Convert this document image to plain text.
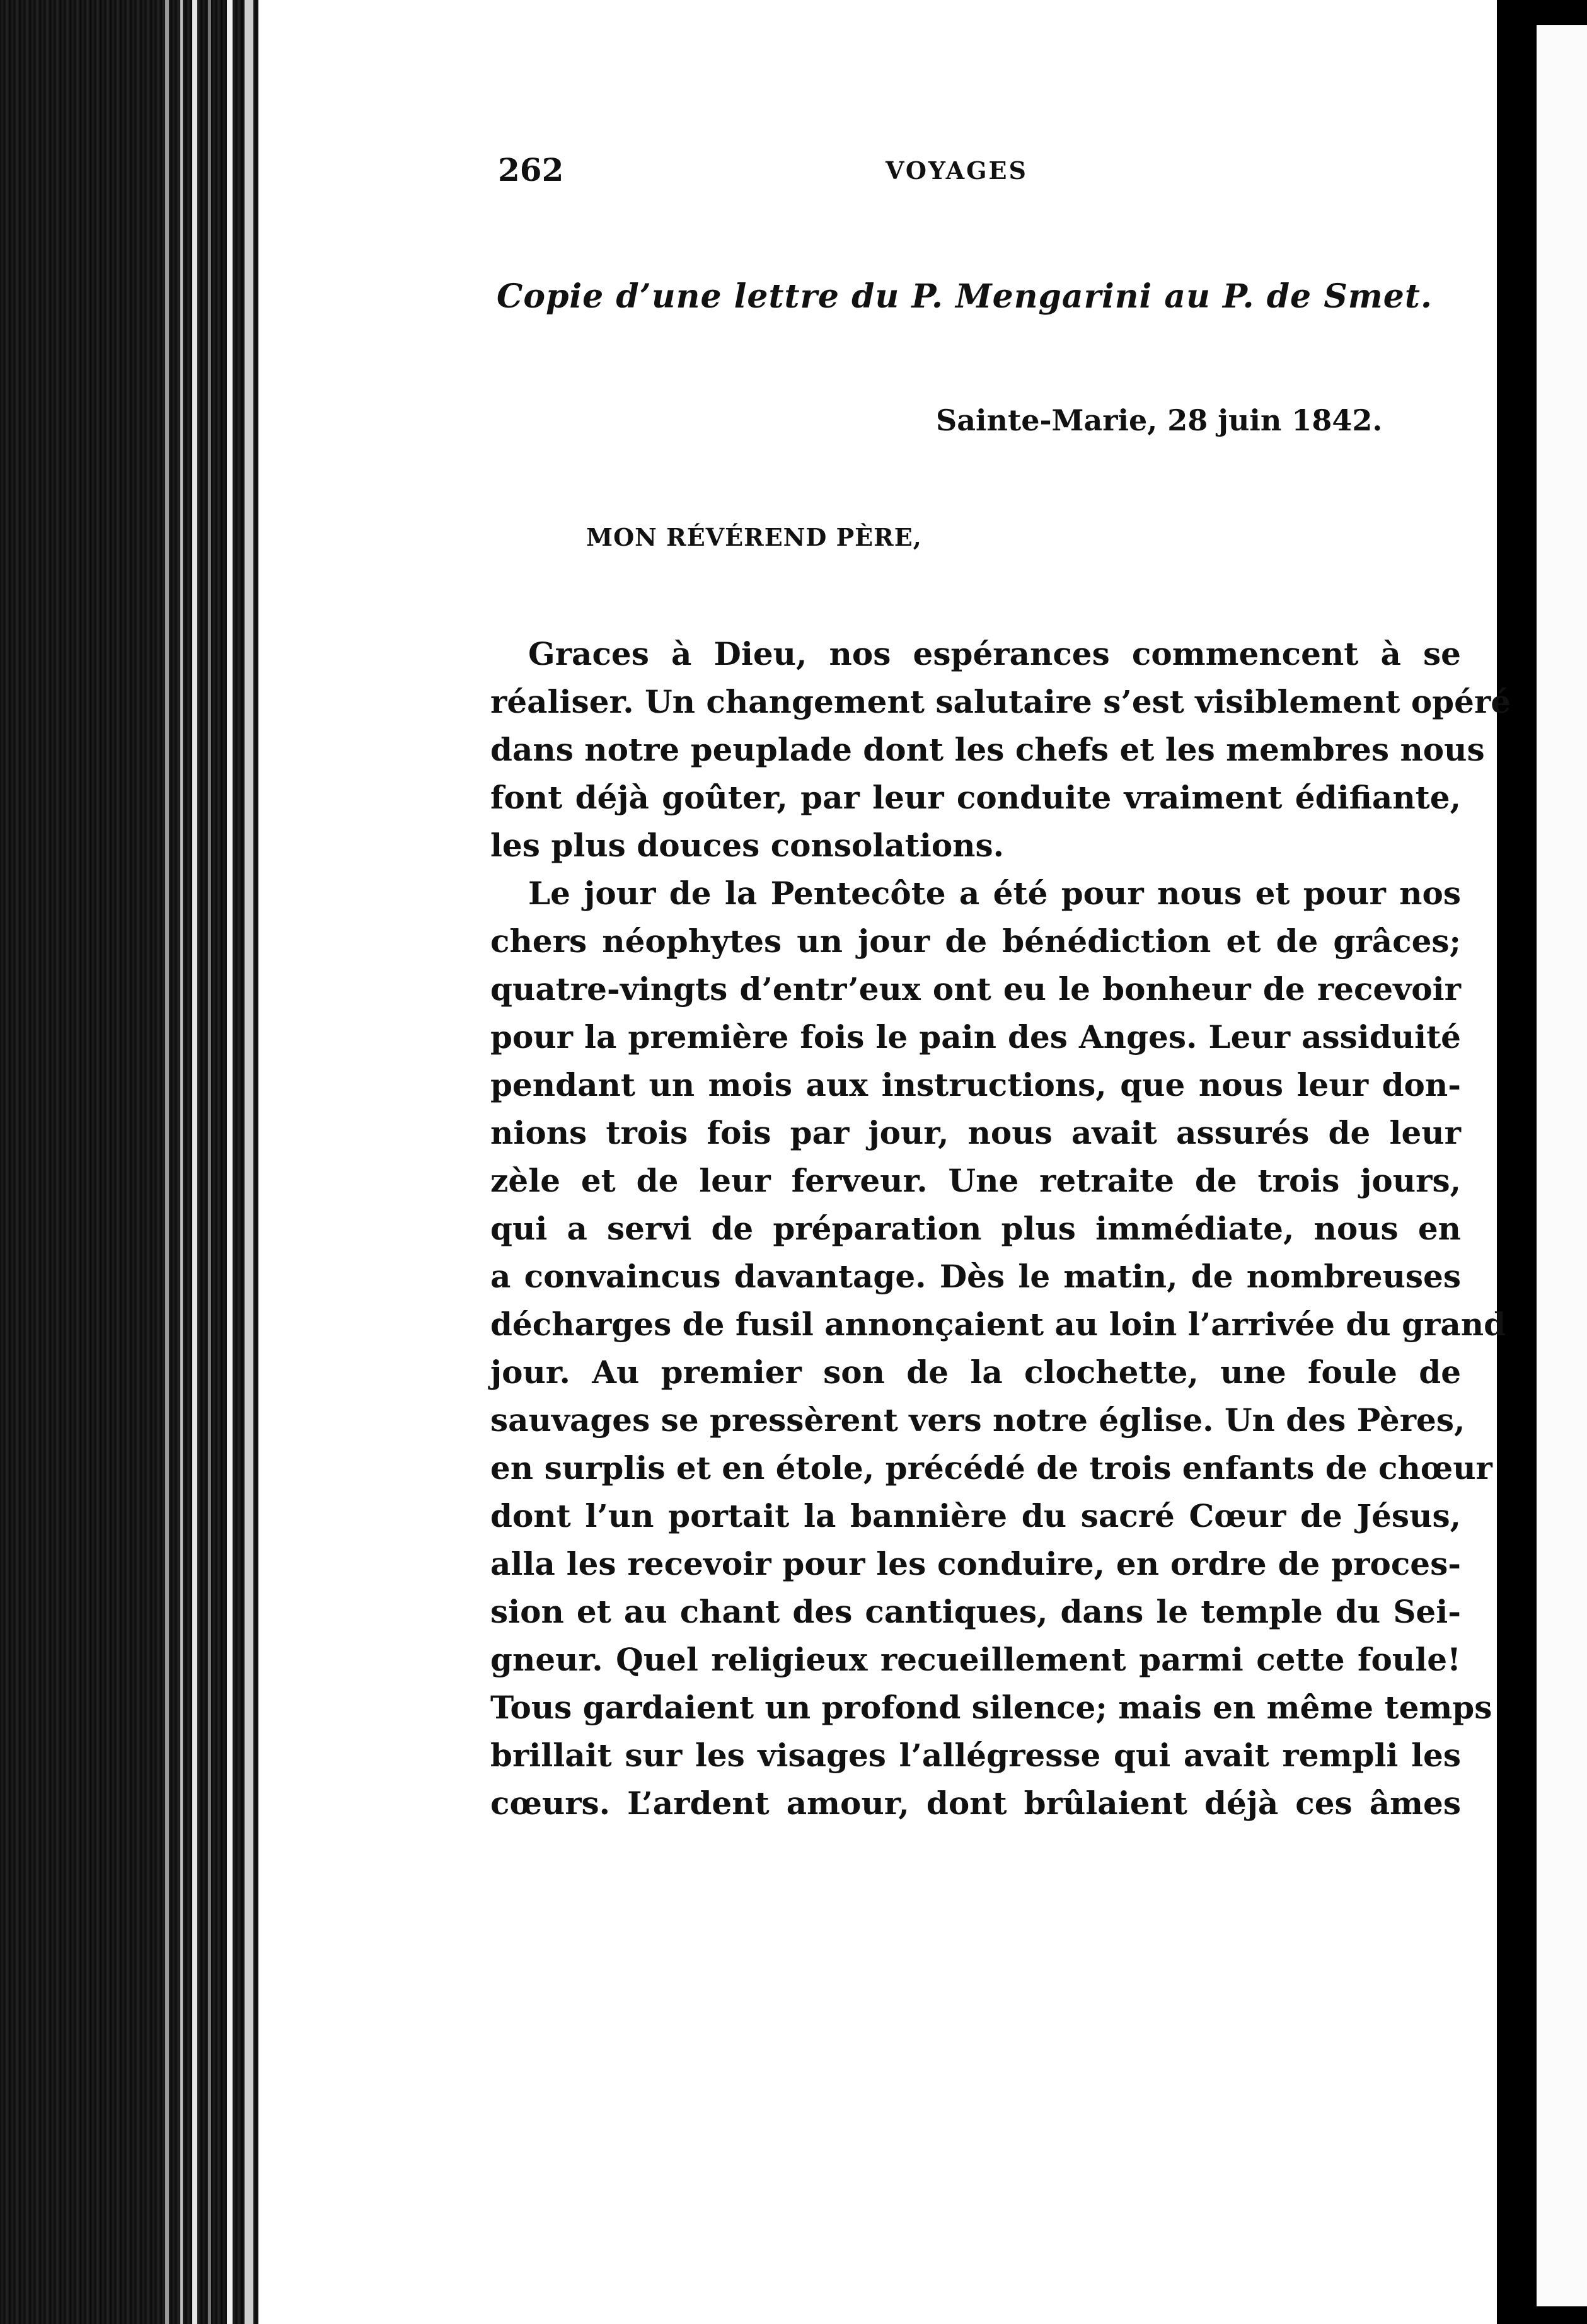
262	VOYAGES
Copie d’une lettre du P. Mengarini au P. de Smet.
Sainte-Marie, 28 juin 1842.
MON RÉVÉREND PÈRE,
Graces à Dieu, nos espérances commencent à se
réaliser. Un changement salutaire s’est visiblement opéré
dans notre peuplade dont les chefs et les membres nous
font déjà goûter, par leur conduite vraiment édifiante,
les plus douces consolations.
Le jour de la Pentecôte a été pour nous et pour nos
chers néophytes un jour de bénédiction et de grâces;
quatre-vingts d’entr’eux ont eu le bonheur de recevoir
pour la première fois le pain des Anges. Leur assiduité
pendant un mois aux instructions, que nous leur don-
nions trois fois par jour, nous avait assurés de leur
zèle et de leur ferveur. Une retraite de trois jours,
qui a servi de préparation plus immédiate, nous en
a convaincus davantage. Dès le matin, de nombreuses
décharges de fusil annonçaient au loin l’arrivée du grand
jour. Au premier son de la clochette, une foule de
sauvages se pressèrent vers notre église. Un des Pères,
en surplis et en étole, précédé de trois enfants de chœur
dont l’un portait la bannière du sacré Cœur de Jésus,
alla les recevoir pour les conduire, en ordre de proces-
sion et au chant des cantiques, dans le temple du Sei-
gneur. Quel religieux recueillement parmi cette foule!
Tous gardaient un profond silence; mais en même temps
brillait sur les visages l’allégresse qui avait rempli les
cœurs. L’ardent amour, dont brûlaient déjà ces âmes
